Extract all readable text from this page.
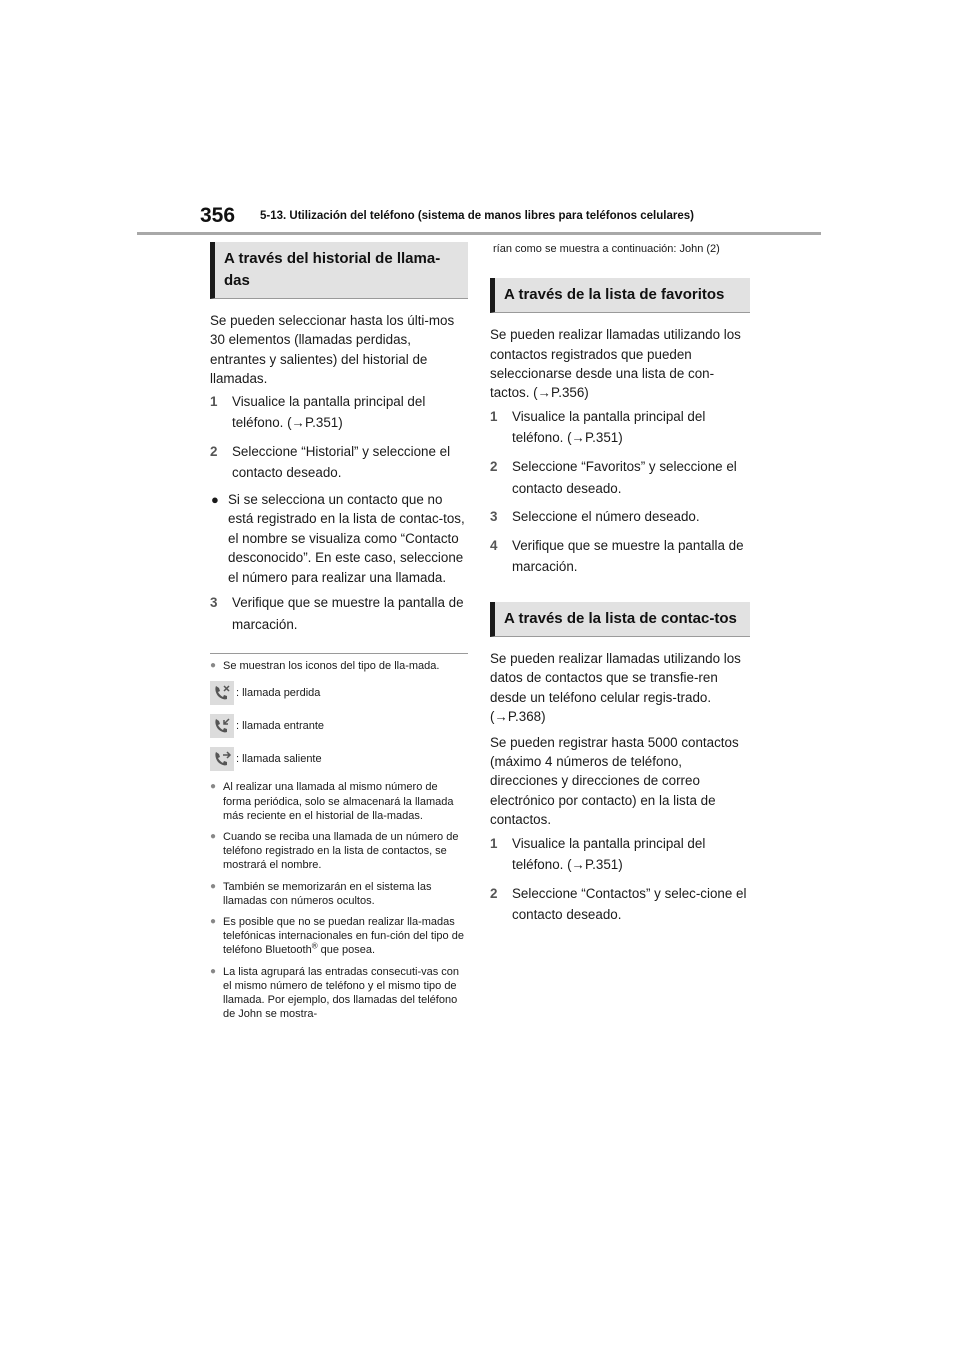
356 5-13. Utilización del teléfono (sistema de manos libres para teléfonos celulares)
A través del historial de llama-das

Se pueden seleccionar hasta los últi-mos 30 elementos (llamadas perdidas, entrantes y salientes) del historial de llamadas.

1 Visualice la pantalla principal del teléfono. (→P.351)
2 Seleccione “Historial” y seleccione el contacto deseado.
● Si se selecciona un contacto que no está registrado en la lista de contac-tos, el nombre se visualiza como “Contacto desconocido”. En este caso, seleccione el número para realizar una llamada.
3 Verifique que se muestre la pantalla de marcación.
● Se muestran los iconos del tipo de lla-mada.
: llamada perdida
: llamada entrante
: llamada saliente
● Al realizar una llamada al mismo número de forma periódica, solo se almacenará la llamada más reciente en el historial de lla-madas.
● Cuando se reciba una llamada de un número de teléfono registrado en la lista de contactos, se mostrará el nombre.
● También se memorizarán en el sistema las llamadas con números ocultos.
● Es posible que no se puedan realizar lla-madas telefónicas internacionales en fun-ción del tipo de teléfono Bluetooth® que posea.
● La lista agrupará las entradas consecuti-vas con el mismo número de teléfono y el mismo tipo de llamada. Por ejemplo, dos llamadas del teléfono de John se mostra-
rían como se muestra a continuación: John (2)
A través de la lista de favoritos

Se pueden realizar llamadas utilizando los contactos registrados que pueden seleccionarse desde una lista de con-tactos. (→P.356)

1 Visualice la pantalla principal del teléfono. (→P.351)
2 Seleccione “Favoritos” y seleccione el contacto deseado.
3 Seleccione el número deseado.
4 Verifique que se muestre la pantalla de marcación.
A través de la lista de contac-tos

Se pueden realizar llamadas utilizando los datos de contactos que se transfie-ren desde un teléfono celular regis-trado. (→P.368)

Se pueden registrar hasta 5000 contactos (máximo 4 números de teléfono, direcciones y direcciones de correo electrónico por contacto) en la lista de contactos.

1 Visualice la pantalla principal del teléfono. (→P.351)
2 Seleccione “Contactos” y selec-cione el contacto deseado.
